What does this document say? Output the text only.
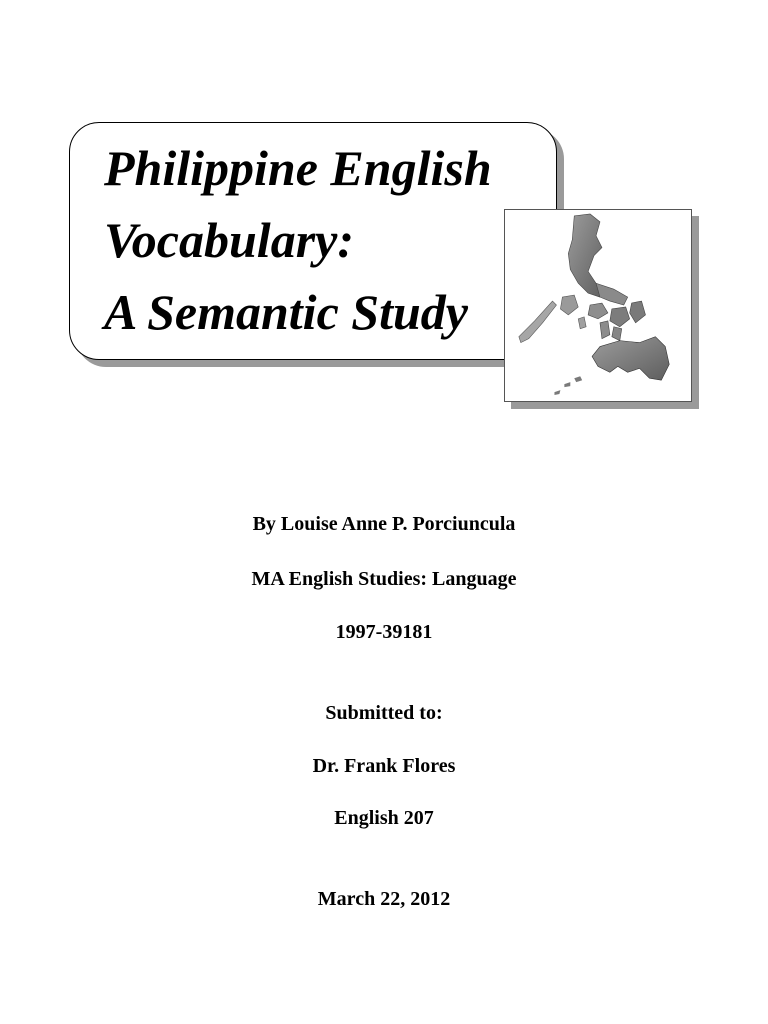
Philippine English
Vocabulary:
A Semantic Study

By Louise Anne P. Porciuncula

MA English Studies: Language

1997-39181

Submitted to:

Dr. Frank Flores

English 207

March 22, 2012
